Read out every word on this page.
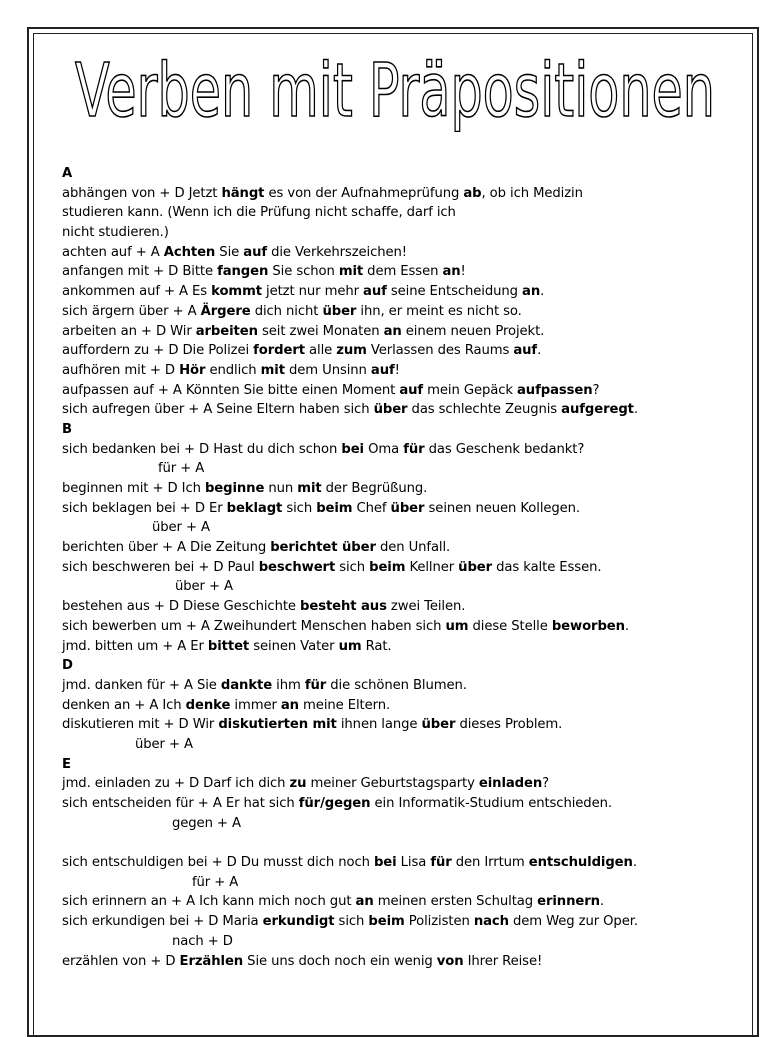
Verben mit Präpositionen
A
abhängen von + D Jetzt hängt es von der Aufnahmeprüfung ab, ob ich Medizin
studieren kann. (Wenn ich die Prüfung nicht schaffe, darf ich
nicht studieren.)
achten auf + A Achten Sie auf die Verkehrszeichen!
anfangen mit + D Bitte fangen Sie schon mit dem Essen an!
ankommen auf + A Es kommt jetzt nur mehr auf seine Entscheidung an.
sich ärgern über + A Ärgere dich nicht über ihn, er meint es nicht so.
arbeiten an + D Wir arbeiten seit zwei Monaten an einem neuen Projekt.
auffordern zu + D Die Polizei fordert alle zum Verlassen des Raums auf.
aufhören mit + D Hör endlich mit dem Unsinn auf!
aufpassen auf + A Könnten Sie bitte einen Moment auf mein Gepäck aufpassen?
sich aufregen über + A Seine Eltern haben sich über das schlechte Zeugnis aufgeregt.
B
sich bedanken bei + D Hast du dich schon bei Oma für das Geschenk bedankt?
für + A
beginnen mit + D Ich beginne nun mit der Begrüßung.
sich beklagen bei + D Er beklagt sich beim Chef über seinen neuen Kollegen.
über + A
berichten über + A Die Zeitung berichtet über den Unfall.
sich beschweren bei + D Paul beschwert sich beim Kellner über das kalte Essen.
über + A
bestehen aus + D Diese Geschichte besteht aus zwei Teilen.
sich bewerben um + A Zweihundert Menschen haben sich um diese Stelle beworben.
jmd. bitten um + A Er bittet seinen Vater um Rat.
D
jmd. danken für + A Sie dankte ihm für die schönen Blumen.
denken an + A Ich denke immer an meine Eltern.
diskutieren mit + D Wir diskutierten mit ihnen lange über dieses Problem.
über + A
E
jmd. einladen zu + D Darf ich dich zu meiner Geburtstagsparty einladen?
sich entscheiden für + A Er hat sich für/gegen ein Informatik-Studium entschieden.
gegen + A
sich entschuldigen bei + D Du musst dich noch bei Lisa für den Irrtum entschuldigen.
für + A
sich erinnern an + A Ich kann mich noch gut an meinen ersten Schultag erinnern.
sich erkundigen bei + D Maria erkundigt sich beim Polizisten nach dem Weg zur Oper.
nach + D
erzählen von + D Erzählen Sie uns doch noch ein wenig von Ihrer Reise!
